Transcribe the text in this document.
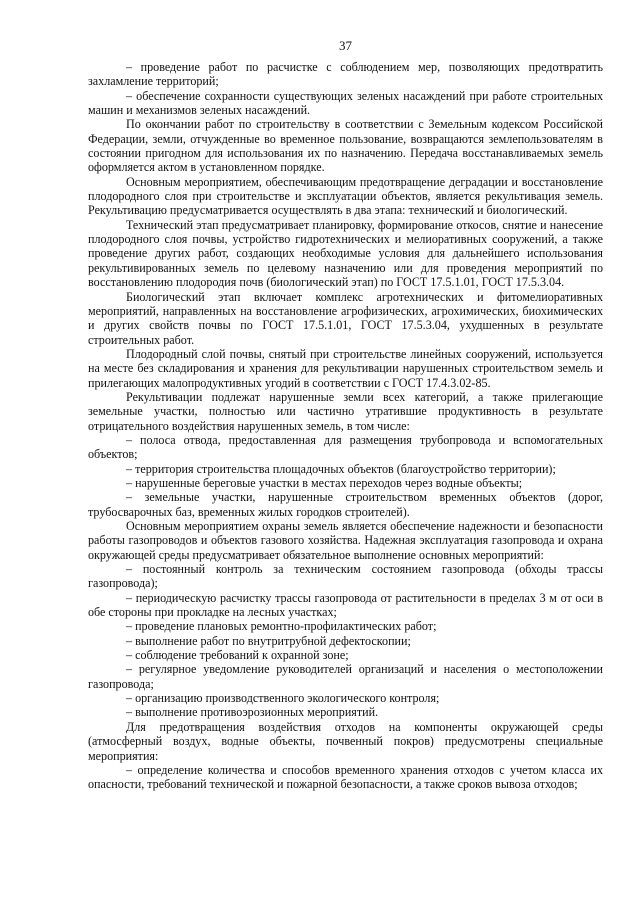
37

– проведение работ по расчистке с соблюдением мер, позволяющих предотвратить захламление территорий;

– обеспечение сохранности существующих зеленых насаждений при работе строительных машин и механизмов зеленых насаждений.

По окончании работ по строительству в соответствии с Земельным кодексом Российской Федерации, земли, отчужденные во временное пользование, возвращаются землепользователям в состоянии пригодном для использования их по назначению. Передача восстанавливаемых земель оформляется актом в установленном порядке.

Основным мероприятием, обеспечивающим предотвращение деградации и восстановление плодородного слоя при строительстве и эксплуатации объектов, является рекультивация земель. Рекультивацию предусматривается осуществлять в два этапа: технический и биологический.

Технический этап предусматривает планировку, формирование откосов, снятие и нанесение плодородного слоя почвы, устройство гидротехнических и мелиоративных сооружений, а также проведение других работ, создающих необходимые условия для дальнейшего использования рекультивированных земель по целевому назначению или для проведения мероприятий по восстановлению плодородия почв (биологический этап) по ГОСТ 17.5.1.01, ГОСТ 17.5.3.04.

Биологический этап включает комплекс агротехнических и фитомелиоративных мероприятий, направленных на восстановление агрофизических, агрохимических, биохимических и других свойств почвы по ГОСТ 17.5.1.01, ГОСТ 17.5.3.04, ухудшенных в результате строительных работ.

Плодородный слой почвы, снятый при строительстве линейных сооружений, используется на месте без складирования и хранения для рекультивации нарушенных строительством земель и прилегающих малопродуктивных угодий в соответствии с ГОСТ 17.4.3.02-85.

Рекультивации подлежат нарушенные земли всех категорий, а также прилегающие земельные участки, полностью или частично утратившие продуктивность в результате отрицательного воздействия нарушенных земель, в том числе:

– полоса отвода, предоставленная для размещения трубопровода и вспомогательных объектов;

– территория строительства площадочных объектов (благоустройство территории);

– нарушенные береговые участки в местах переходов через водные объекты;

– земельные участки, нарушенные строительством временных объектов (дорог, трубосварочных баз, временных жилых городков строителей).

Основным мероприятием охраны земель является обеспечение надежности и безопасности работы газопроводов и объектов газового хозяйства. Надежная эксплуатация газопровода и охрана окружающей среды предусматривает обязательное выполнение основных мероприятий:

– постоянный контроль за техническим состоянием газопровода (обходы трассы газопровода);

– периодическую расчистку трассы газопровода от растительности в пределах 3 м от оси в обе стороны при прокладке на лесных участках;

– проведение плановых ремонтно-профилактических работ;

– выполнение работ по внутритрубной дефектоскопии;

– соблюдение требований к охранной зоне;

– регулярное уведомление руководителей организаций и населения о местоположении газопровода;

– организацию производственного экологического контроля;

– выполнение противоэрозионных мероприятий.

Для предотвращения воздействия отходов на компоненты окружающей среды (атмосферный воздух, водные объекты, почвенный покров) предусмотрены специальные мероприятия:

– определение количества и способов временного хранения отходов с учетом класса их опасности, требований технической и пожарной безопасности, а также сроков вывоза отходов;
